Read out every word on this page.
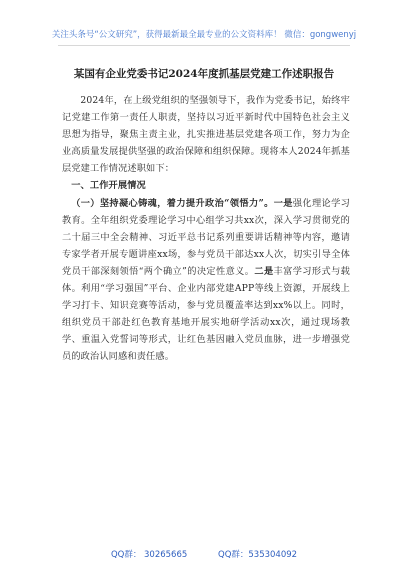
关注头条号“公文研究”，获得最新最全最专业的公文资料库！ 微信：gongwenyj
某国有企业党委书记2024年度抓基层党建工作述职报告

2024年，在上级党组织的坚强领导下，我作为党委书记，始终牢记党建工作第一责任人职责，坚持以习近平新时代中国特色社会主义思想为指导，聚焦主责主业，扎实推进基层党建各项工作，努力为企业高质量发展提供坚强的政治保障和组织保障。现将本人2024年抓基层党建工作情况述职如下：

一、工作开展情况

（一）坚持凝心铸魂，着力提升政治“领悟力”。一是强化理论学习教育。全年组织党委理论学习中心组学习共xx次，深入学习贯彻党的二十届三中全会精神、习近平总书记系列重要讲话精神等内容，邀请专家学者开展专题讲座xx场，参与党员干部达xx人次，切实引导全体党员干部深刻领悟“两个确立”的决定性意义。二是丰富学习形式与载体。利用“学习强国”平台、企业内部党建APP等线上资源，开展线上学习打卡、知识竞赛等活动，参与党员覆盖率达到xx%以上。同时，组织党员干部赴红色教育基地开展实地研学活动xx次，通过现场教学、重温入党誓词等形式，让红色基因融入党员血脉，进一步增强党员的政治认同感和责任感。

QQ群： 30265665	QQ群：535304092
